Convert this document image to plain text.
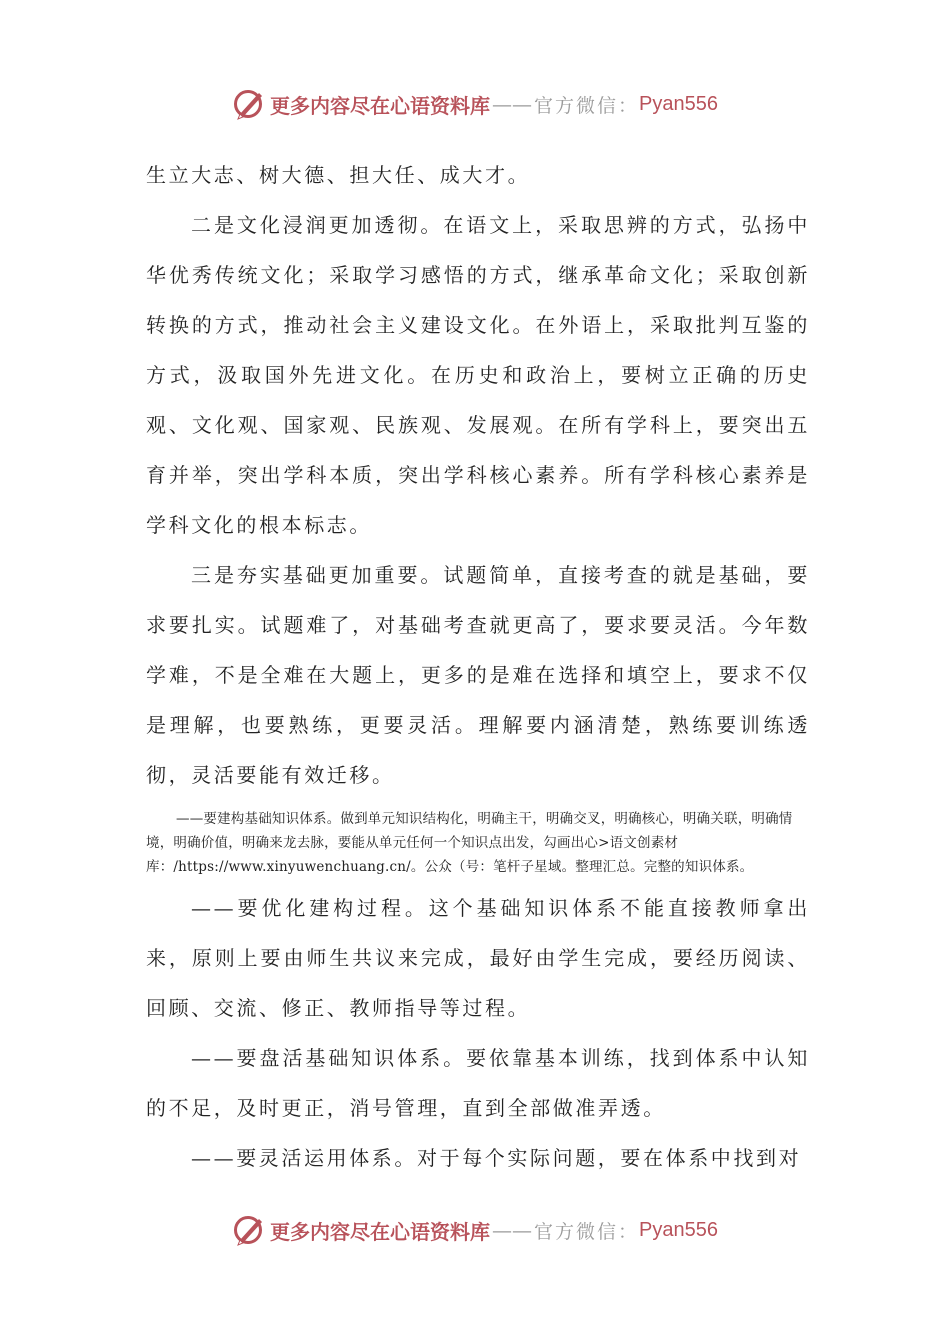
更多内容尽在心语资料库 —— 官方微信： Pyan556

生立大志、树大德、担大任、成大才。

二是文化浸润更加透彻。在语文上，采取思辨的方式，弘扬中华优秀传统文化；采取学习感悟的方式，继承革命文化；采取创新转换的方式，推动社会主义建设文化。在外语上，采取批判互鉴的方式，汲取国外先进文化。在历史和政治上，要树立正确的历史观、文化观、国家观、民族观、发展观。在所有学科上，要突出五育并举，突出学科本质，突出学科核心素养。所有学科核心素养是学科文化的根本标志。

三是夯实基础更加重要。试题简单，直接考查的就是基础，要求要扎实。试题难了，对基础考查就更高了，要求要灵活。今年数学难，不是全难在大题上，更多的是难在选择和填空上，要求不仅是理解，也要熟练，更要灵活。理解要内涵清楚，熟练要训练透彻，灵活要能有效迁移。

——要建构基础知识体系。做到单元知识结构化，明确主干，明确交叉，明确核心，明确关联，明确情境，明确价值，明确来龙去脉，要能从单元任何一个知识点出发，勾画出心>语文创素材库：/https://www.xinyuwenchuang.cn/。公众（号：笔杆子星域。整理汇总。完整的知识体系。

——要优化建构过程。这个基础知识体系不能直接教师拿出来，原则上要由师生共议来完成，最好由学生完成，要经历阅读、回顾、交流、修正、教师指导等过程。

——要盘活基础知识体系。要依靠基本训练，找到体系中认知的不足，及时更正，消号管理，直到全部做准弄透。

——要灵活运用体系。对于每个实际问题，要在体系中找到对

更多内容尽在心语资料库 —— 官方微信： Pyan556
